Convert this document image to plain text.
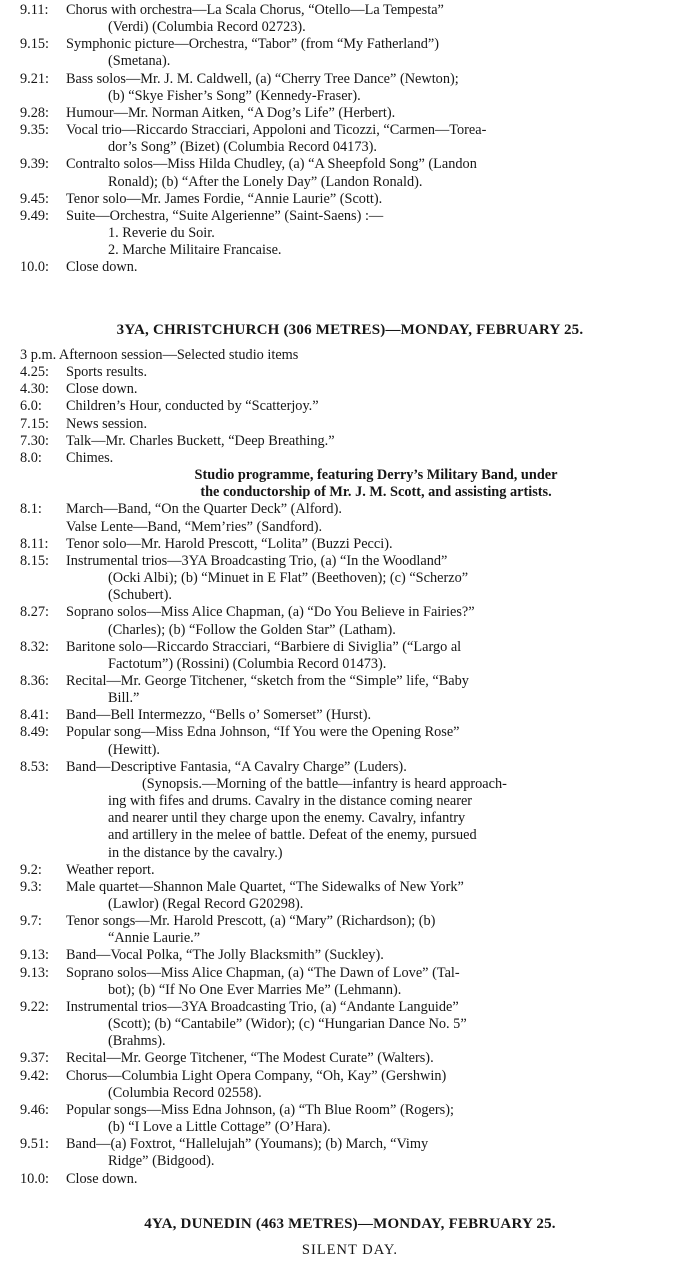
9.11: Chorus with orchestra—La Scala Chorus, “Otello—La Tempesta”
(Verdi) (Columbia Record 02723).
9.15: Symphonic picture—Orchestra, “Tabor” (from “My Fatherland”)
(Smetana).
9.21: Bass solos—Mr. J. M. Caldwell, (a) “Cherry Tree Dance” (Newton);
(b) “Skye Fisher’s Song” (Kennedy-Fraser).
9.28: Humour—Mr. Norman Aitken, “A Dog’s Life” (Herbert).
9.35: Vocal trio—Riccardo Stracciari, Appoloni and Ticozzi, “Carmen—Torea-
dor’s Song” (Bizet) (Columbia Record 04173).
9.39: Contralto solos—Miss Hilda Chudley, (a) “A Sheepfold Song” (Landon
Ronald); (b) “After the Lonely Day” (Landon Ronald).
9.45: Tenor solo—Mr. James Fordie, “Annie Laurie” (Scott).
9.49: Suite—Orchestra, “Suite Algerienne” (Saint-Saens) :—
1. Reverie du Soir.
2. Marche Militaire Francaise.
10.0: Close down.
3YA, CHRISTCHURCH (306 METRES)—MONDAY, FEBRUARY 25.
3 p.m. Afternoon session—Selected studio items
4.25: Sports results.
4.30: Close down.
6.0: Children’s Hour, conducted by “Scatterjoy.”
7.15: News session.
7.30: Talk—Mr. Charles Buckett, “Deep Breathing.”
8.0: Chimes.
Studio programme, featuring Derry’s Military Band, under
the conductorship of Mr. J. M. Scott, and assisting artists.
8.1: March—Band, “On the Quarter Deck” (Alford).
Valse Lente—Band, “Mem’ries” (Sandford).
8.11: Tenor solo—Mr. Harold Prescott, “Lolita” (Buzzi Pecci).
8.15: Instrumental trios—3YA Broadcasting Trio, (a) “In the Woodland”
(Ocki Albi); (b) “Minuet in E Flat” (Beethoven); (c) “Scherzo”
(Schubert).
8.27: Soprano solos—Miss Alice Chapman, (a) “Do You Believe in Fairies?”
(Charles); (b) “Follow the Golden Star” (Latham).
8.32: Baritone solo—Riccardo Stracciari, “Barbiere di Siviglia” (“Largo al
Factotum”) (Rossini) (Columbia Record 01473).
8.36: Recital—Mr. George Titchener, “sketch from the “Simple” life, “Baby
Bill.”
8.41: Band—Bell Intermezzo, “Bells o’ Somerset” (Hurst).
8.49: Popular song—Miss Edna Johnson, “If You were the Opening Rose”
(Hewitt).
8.53: Band—Descriptive Fantasia, “A Cavalry Charge” (Luders).
(Synopsis.—Morning of the battle—infantry is heard approach-
ing with fifes and drums. Cavalry in the distance coming nearer
and nearer until they charge upon the enemy. Cavalry, infantry
and artillery in the melee of battle. Defeat of the enemy, pursued
in the distance by the cavalry.)
9.2: Weather report.
9.3: Male quartet—Shannon Male Quartet, “The Sidewalks of New York”
(Lawlor) (Regal Record G20298).
9.7: Tenor songs—Mr. Harold Prescott, (a) “Mary” (Richardson); (b)
“Annie Laurie.”
9.13: Band—Vocal Polka, “The Jolly Blacksmith” (Suckley).
9.13: Soprano solos—Miss Alice Chapman, (a) “The Dawn of Love” (Tal-
bot); (b) “If No One Ever Marries Me” (Lehmann).
9.22: Instrumental trios—3YA Broadcasting Trio, (a) “Andante Languide”
(Scott); (b) “Cantabile” (Widor); (c) “Hungarian Dance No. 5”
(Brahms).
9.37: Recital—Mr. George Titchener, “The Modest Curate” (Walters).
9.42: Chorus—Columbia Light Opera Company, “Oh, Kay” (Gershwin)
(Columbia Record 02558).
9.46: Popular songs—Miss Edna Johnson, (a) “Th Blue Room” (Rogers);
(b) “I Love a Little Cottage” (O’Hara).
9.51: Band—(a) Foxtrot, “Hallelujah” (Youmans); (b) March, “Vimy
Ridge” (Bidgood).
10.0: Close down.
4YA, DUNEDIN (463 METRES)—MONDAY, FEBRUARY 25.
SILENT DAY.
